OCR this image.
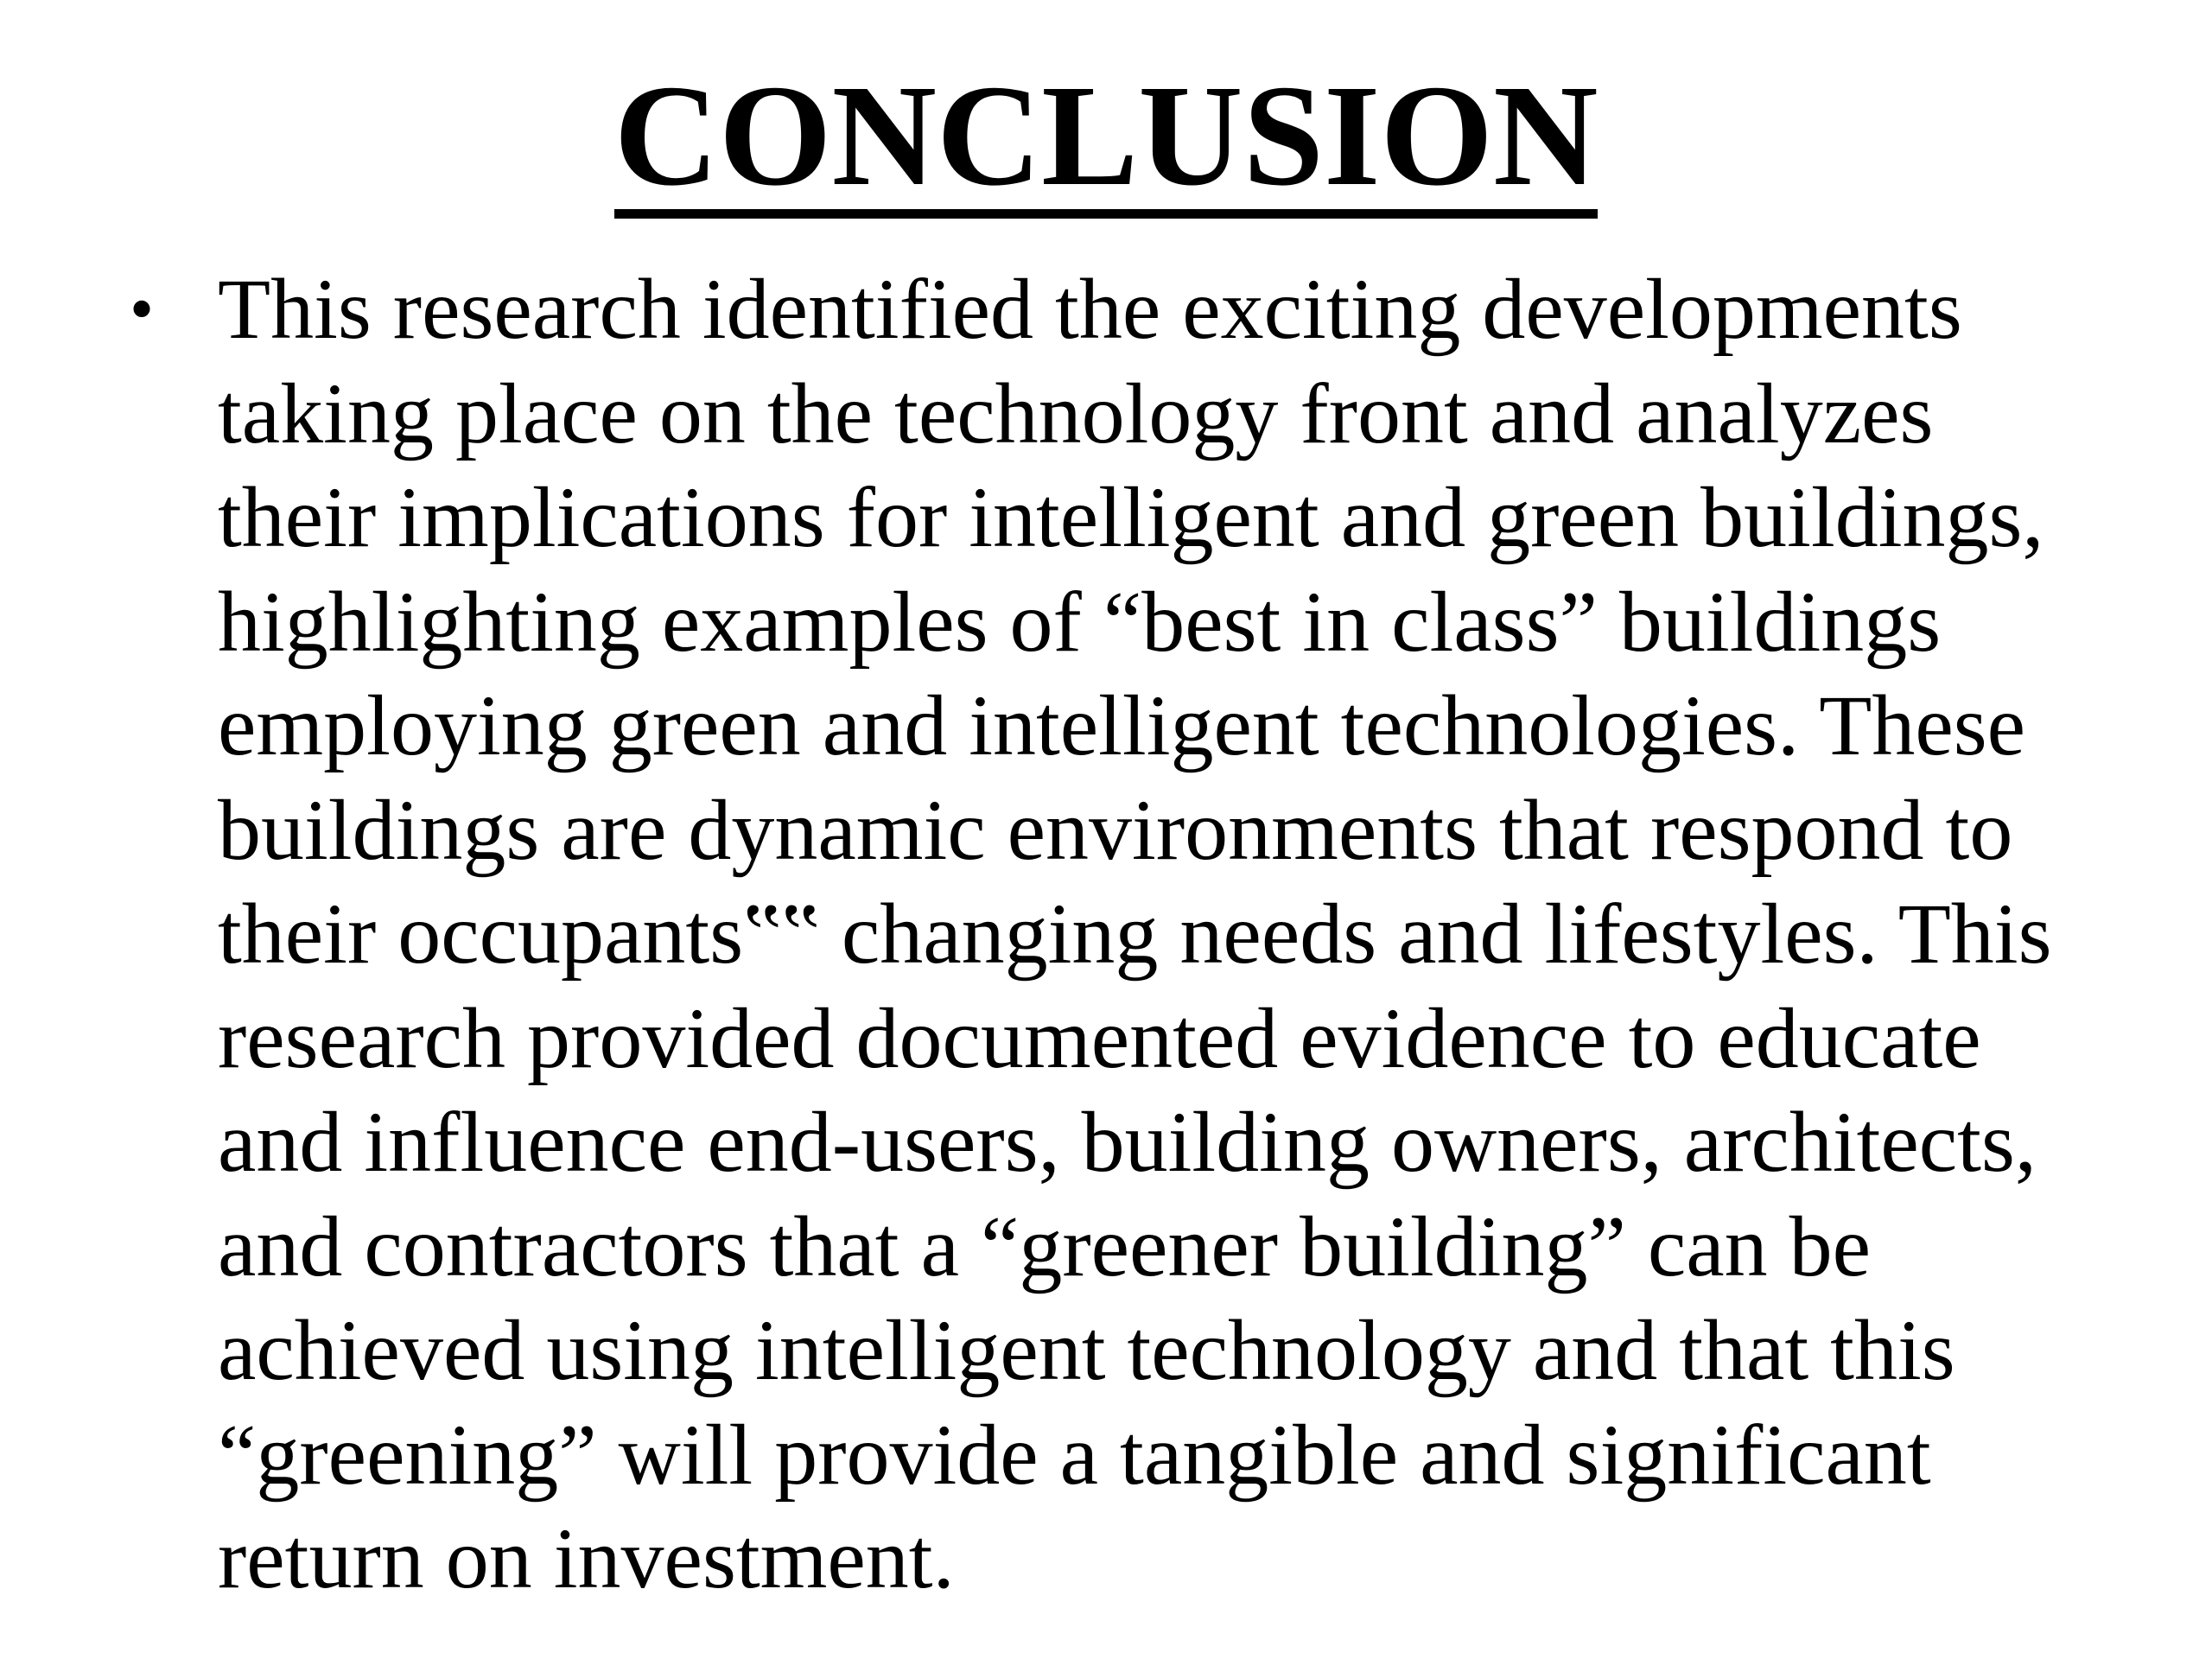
CONCLUSION
• This research identified the exciting developments
taking place on the technology front and analyzes
their implications for intelligent and green buildings,
highlighting examples of “best in class” buildings
employing green and intelligent technologies. These
buildings are dynamic environments that respond to
their occupants‟‟ changing needs and lifestyles. This
research provided documented evidence to educate
and influence end-users, building owners, architects,
and contractors that a “greener building” can be
achieved using intelligent technology and that this
“greening” will provide a tangible and significant
return on investment.
